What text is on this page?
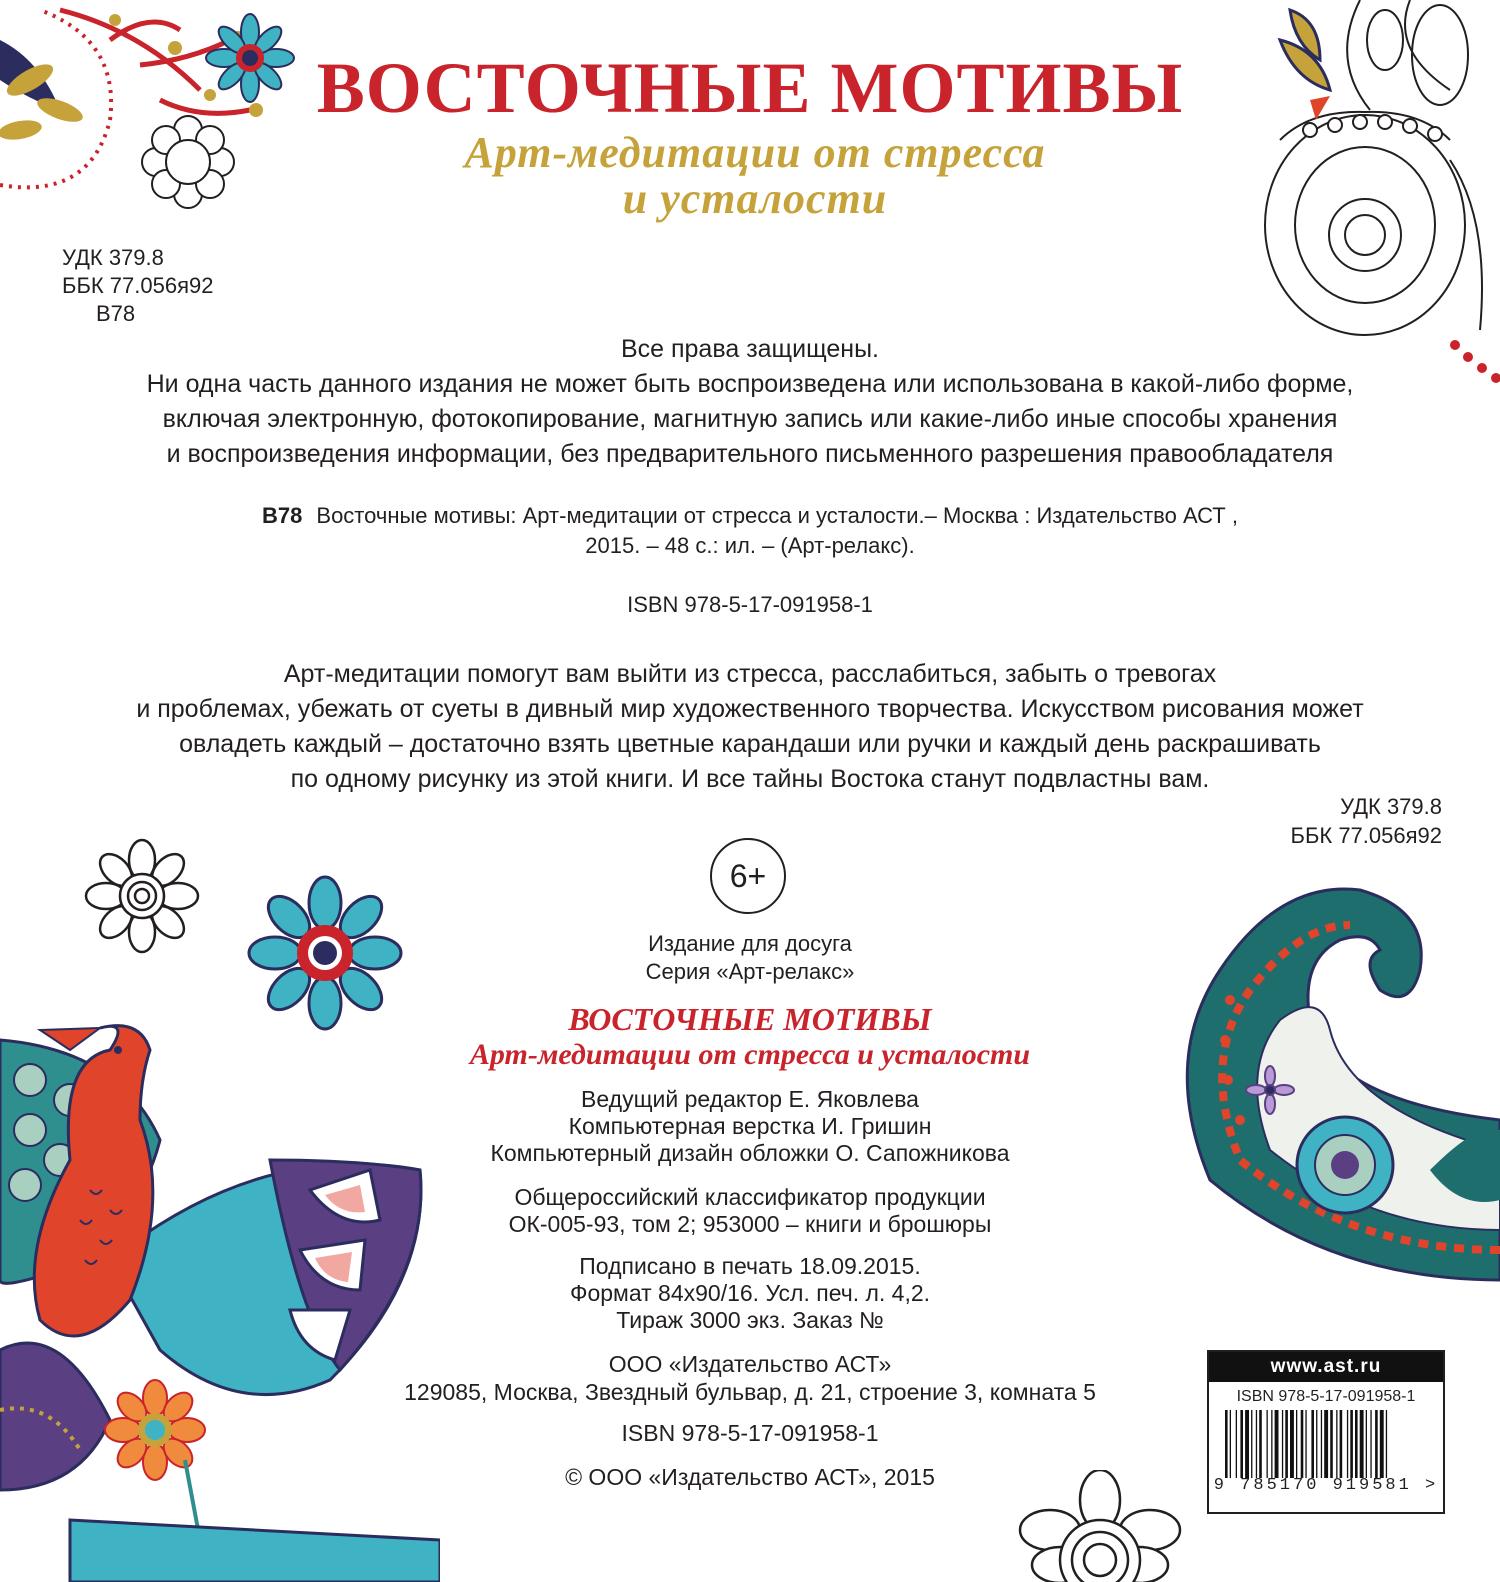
ВОСТОЧНЫЕ МОТИВЫ
Арт-медитации от стресса
и усталости
УДК 379.8
ББК 77.056я92
В78
Все права защищены.
Ни одна часть данного издания не может быть воспроизведена или использована в какой-либо форме,
включая электронную, фотокопирование, магнитную запись или какие-либо иные способы хранения
и воспроизведения информации, без предварительного письменного разрешения правообладателя
В78 Восточные мотивы: Арт-медитации от стресса и усталости.– Москва : Издательство АСТ ,
2015. – 48 с.: ил. – (Арт-релакс).
ISBN 978-5-17-091958-1
Арт-медитации помогут вам выйти из стресса, расслабиться, забыть о тревогах
и проблемах, убежать от суеты в дивный мир художественного творчества. Искусством рисования может
овладеть каждый – достаточно взять цветные карандаши или ручки и каждый день раскрашивать
по одному рисунку из этой книги. И все тайны Востока станут подвластны вам.
УДК 379.8
ББК 77.056я92
6+
Издание для досуга
Серия «Арт-релакс»
ВОСТОЧНЫЕ МОТИВЫ
Арт-медитации от стресса и усталости
Ведущий редактор Е. Яковлева
Компьютерная верстка И. Гришин
Компьютерный дизайн обложки О. Сапожникова
Общероссийский классификатор продукции
ОК-005-93, том 2; 953000 – книги и брошюры
Подписано в печать 18.09.2015.
Формат 84х90/16. Усл. печ. л. 4,2.
Тираж 3000 экз. Заказ №
ООО «Издательство АСТ»
129085, Москва, Звездный бульвар, д. 21, строение 3, комната 5
ISBN 978-5-17-091958-1
© ООО «Издательство АСТ», 2015
www.ast.ru
ISBN 978-5-17-091958-1
9 785170 919581 >
